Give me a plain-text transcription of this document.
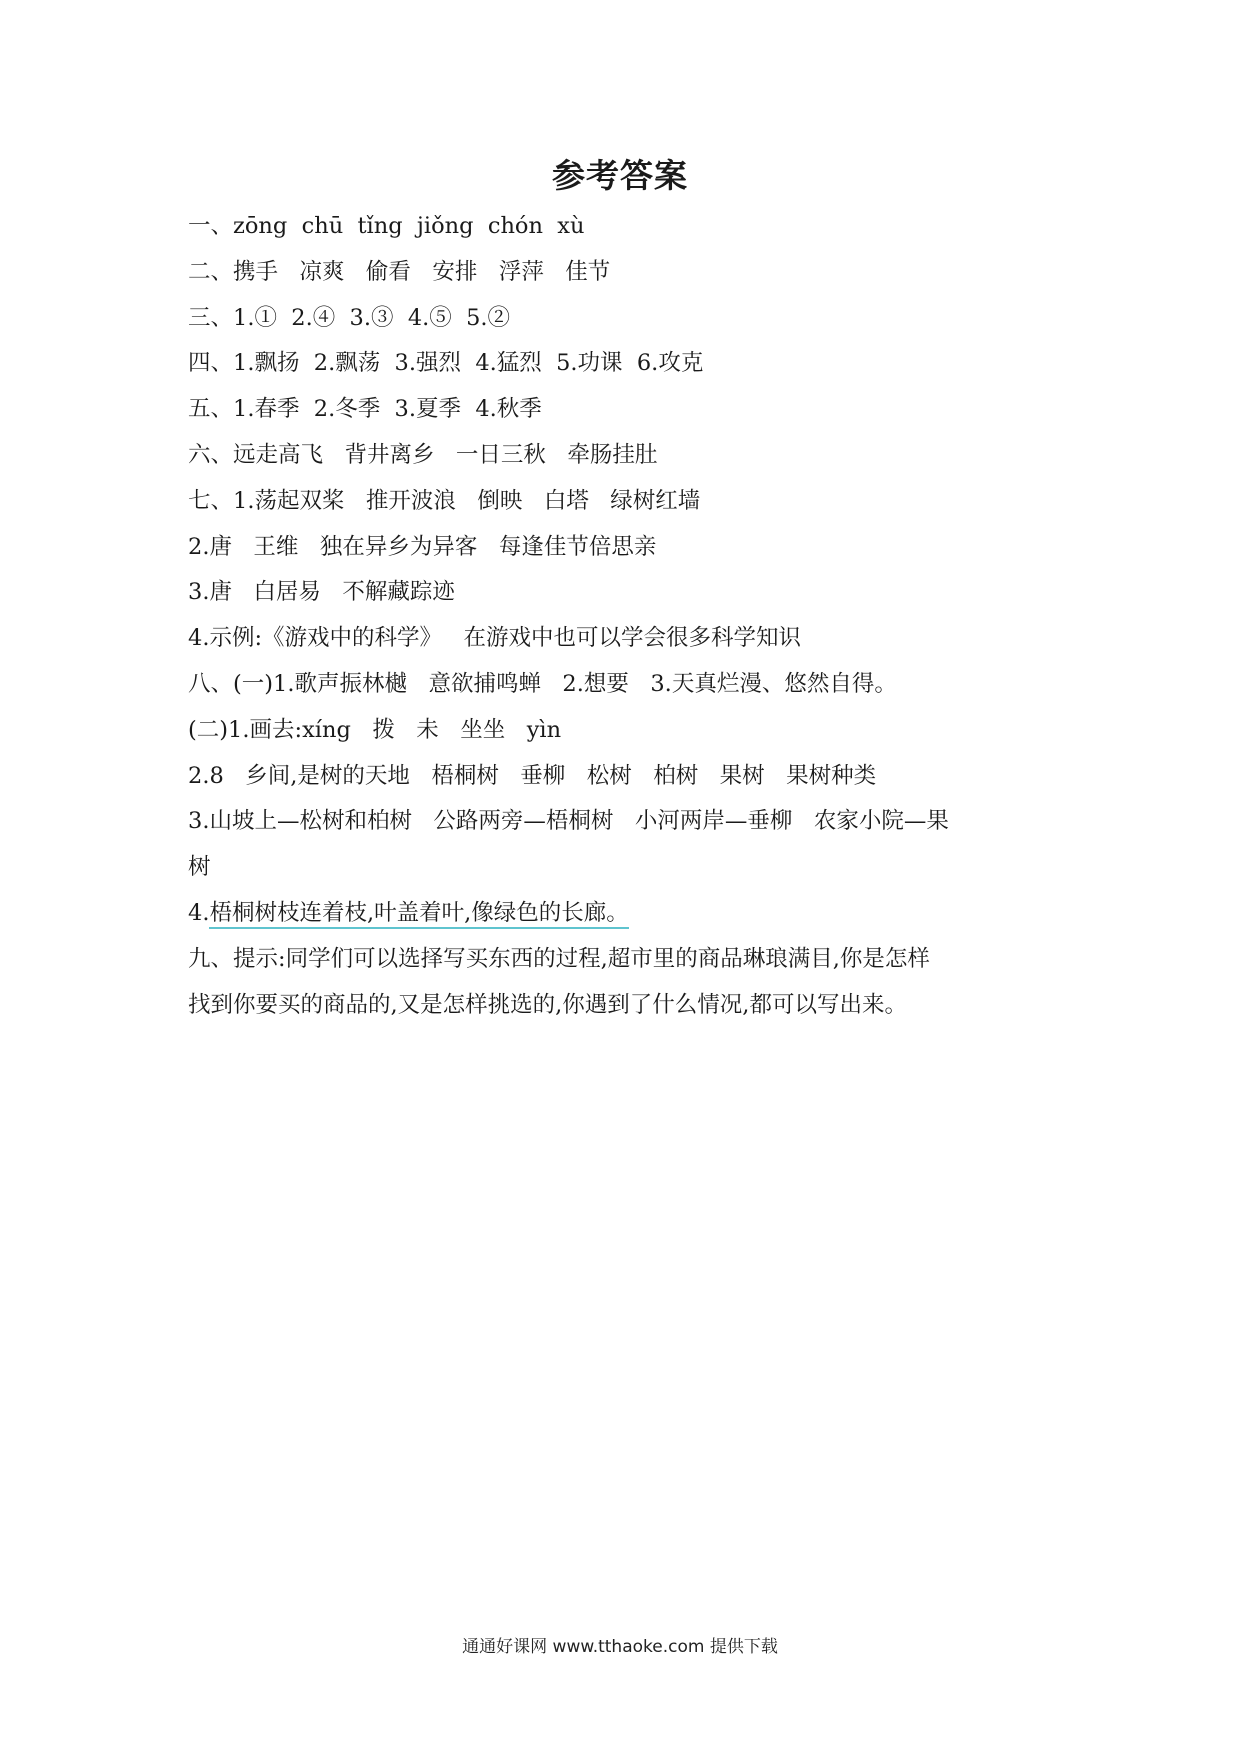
参考答案
一、zōng  chū  tǐng  jiǒng  chón  xù
二、携手   凉爽   偷看   安排   浮萍   佳节
三、1.①  2.④  3.③  4.⑤  5.②
四、1.飘扬  2.飘荡  3.强烈  4.猛烈  5.功课  6.攻克
五、1.春季  2.冬季  3.夏季  4.秋季
六、远走高飞   背井离乡   一日三秋   牵肠挂肚
七、1.荡起双桨   推开波浪   倒映   白塔   绿树红墙
2.唐   王维   独在异乡为异客   每逢佳节倍思亲
3.唐   白居易   不解藏踪迹
4.示例:《游戏中的科学》   在游戏中也可以学会很多科学知识
八、(一)1.歌声振林樾   意欲捕鸣蝉   2.想要   3.天真烂漫、悠然自得。
(二)1.画去:xíng   拨   未   坐坐   yìn
2.8   乡间,是树的天地   梧桐树   垂柳   松树   柏树   果树   果树种类
3.山坡上—松树和柏树   公路两旁—梧桐树   小河两岸—垂柳   农家小院—果
树
4.梧桐树枝连着枝,叶盖着叶,像绿色的长廊。
九、提示:同学们可以选择写买东西的过程,超市里的商品琳琅满目,你是怎样
找到你要买的商品的,又是怎样挑选的,你遇到了什么情况,都可以写出来。
通通好课网 www.tthaoke.com 提供下载
